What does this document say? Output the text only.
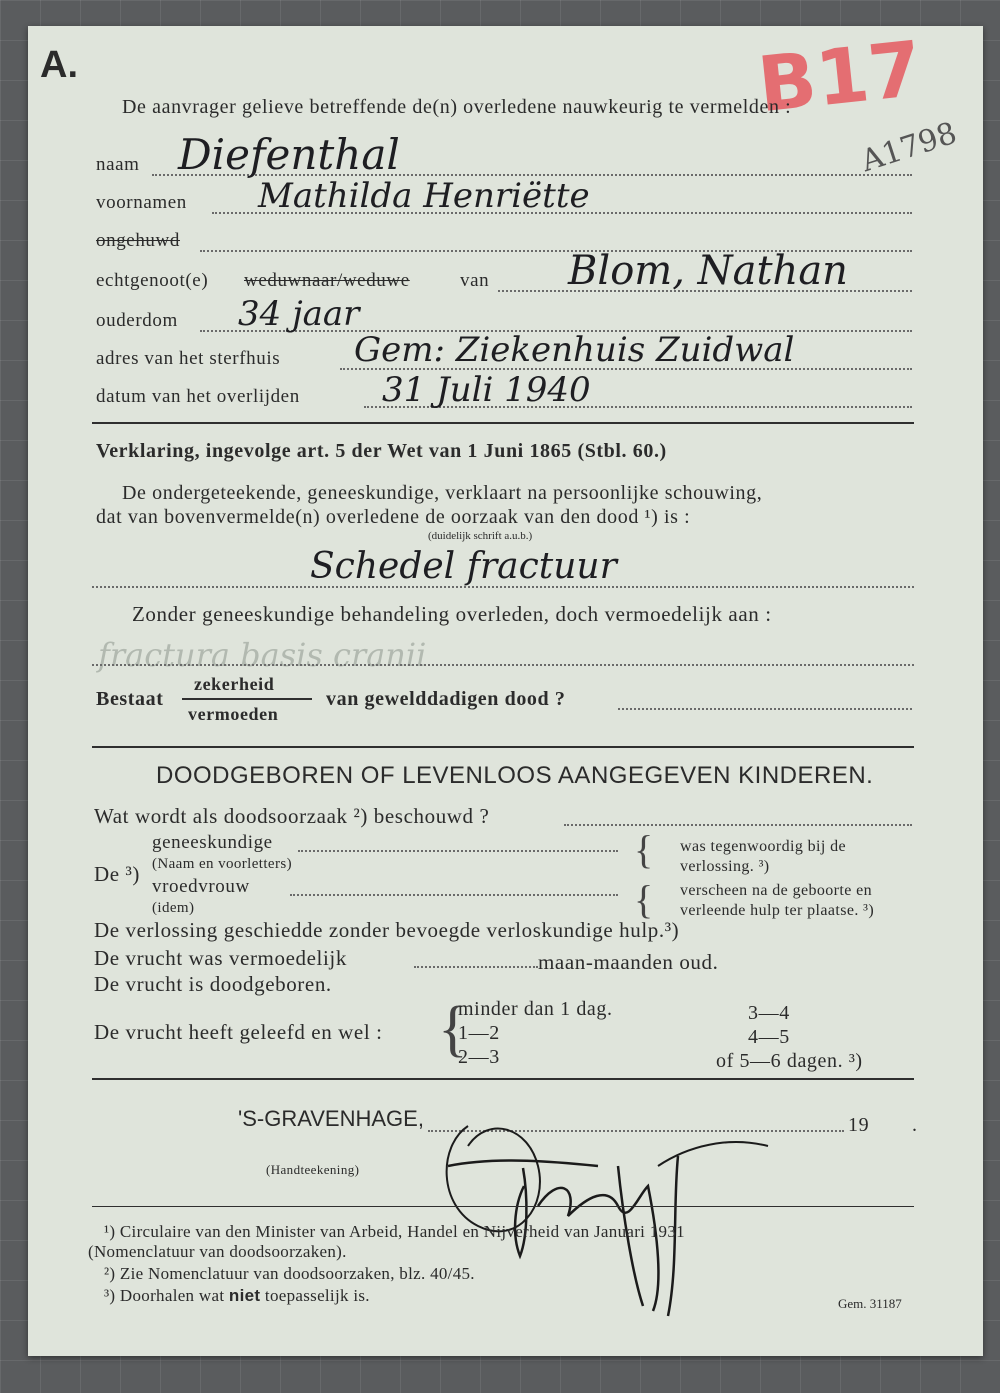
A.	B17
A1798
De aanvrager gelieve betreffende de(n) overledene nauwkeurig te vermelden :
naam Diefenthal
voornamen Mathilda Henriëtte
ongehuwd
echtgenoot(e) weduwnaar/weduwe	van Blom, Nathan
ouderdom 34 jaar
adres van het sterfhuis Gem: Ziekenhuis Zuidwal
datum van het overlijden 31 Juli 1940
Verklaring, ingevolge art. 5 der Wet van 1 Juni 1865 (Stbl. 60.)
De ondergeteekende, geneeskundige, verklaart na persoonlijke schouwing,
dat van bovenvermelde(n) overledene de oorzaak van den dood ¹) is :
(duidelijk schrift a.u.b.)
Schedel fractuur
Zonder geneeskundige behandeling overleden, doch vermoedelijk aan :
fractura basis cranii
Bestaat
zekerheid
vermoeden
van gewelddadigen dood ?
DOODGEBOREN OF LEVENLOOS AANGEGEVEN KINDEREN.
Wat wordt als doodsoorzaak ²) beschouwd ?
De ³)
geneeskundige
(Naam en voorletters)
vroedvrouw
(idem)
{
{
was tegenwoordig bij de
verlossing. ³)
verscheen na de geboorte en
verleende hulp ter plaatse. ³)
De verlossing geschiedde zonder bevoegde verloskundige hulp.³)
De vrucht was vermoedelijk	maan-maanden oud.
De vrucht is doodgeboren.
De vrucht heeft geleefd en wel : {
minder dan 1 dag.
1—2
2—3
3—4
4—5
of 5—6 dagen. ³)
'S-GRAVENHAGE,	19 .
(Handteekening)
¹) Circulaire van den Minister van Arbeid, Handel en Nijverheid van Januari 1931
(Nomenclatuur van doodsoorzaken).
²) Zie Nomenclatuur van doodsoorzaken, blz. 40/45.
³) Doorhalen wat niet toepasselijk is.	Gem. 31187
